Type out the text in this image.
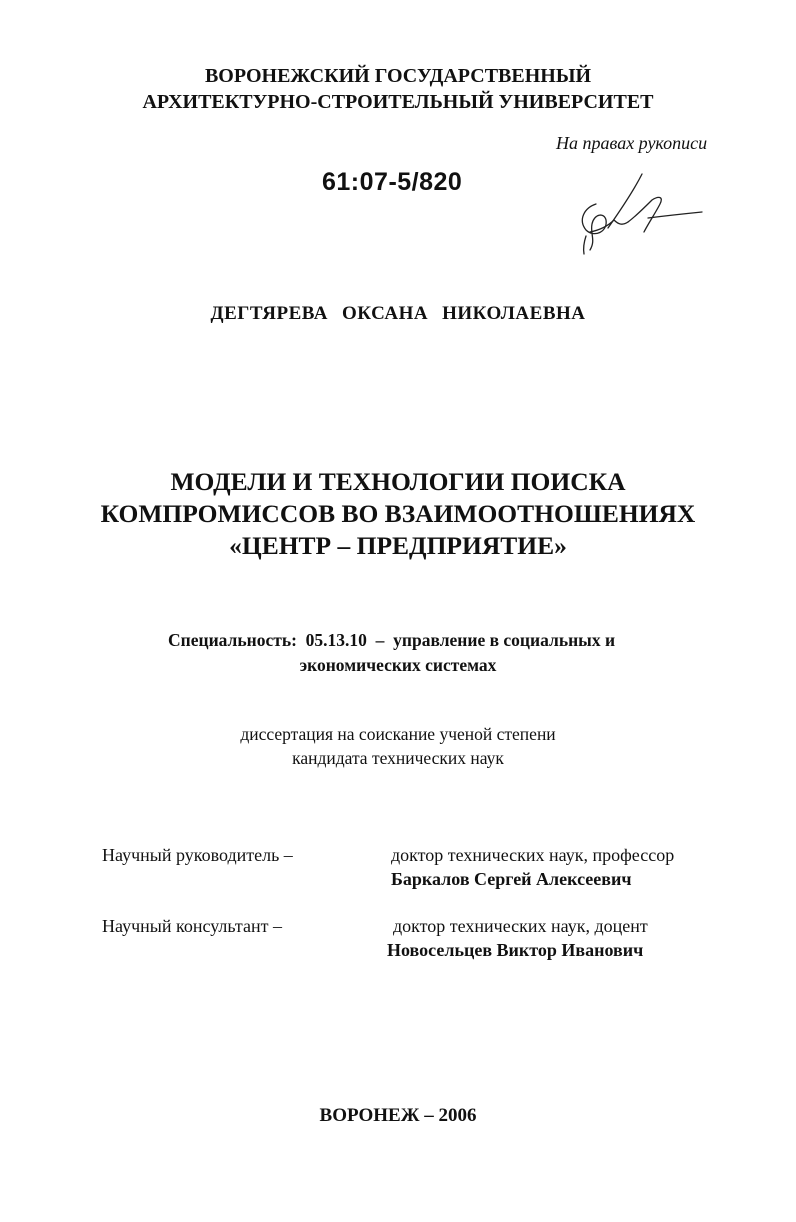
ВОРОНЕЖСКИЙ ГОСУДАРСТВЕННЫЙ
АРХИТЕКТУРНО-СТРОИТЕЛЬНЫЙ УНИВЕРСИТЕТ
На правах рукописи
61:07-5/820
ДЕГТЯРЕВА ОКСАНА НИКОЛАЕВНА
МОДЕЛИ И ТЕХНОЛОГИИ ПОИСКА
КОМПРОМИССОВ ВО ВЗАИМООТНОШЕНИЯХ
«ЦЕНТР – ПРЕДПРИЯТИЕ»
Специальность:  05.13.10  –  управление в социальных и
экономических системах
диссертация на соискание ученой степени
кандидата технических наук
Научный руководитель –	доктор технических наук, профессор
Баркалов Сергей Алексеевич
Научный консультант –	доктор технических наук, доцент
Новосельцев Виктор Иванович
ВОРОНЕЖ – 2006
